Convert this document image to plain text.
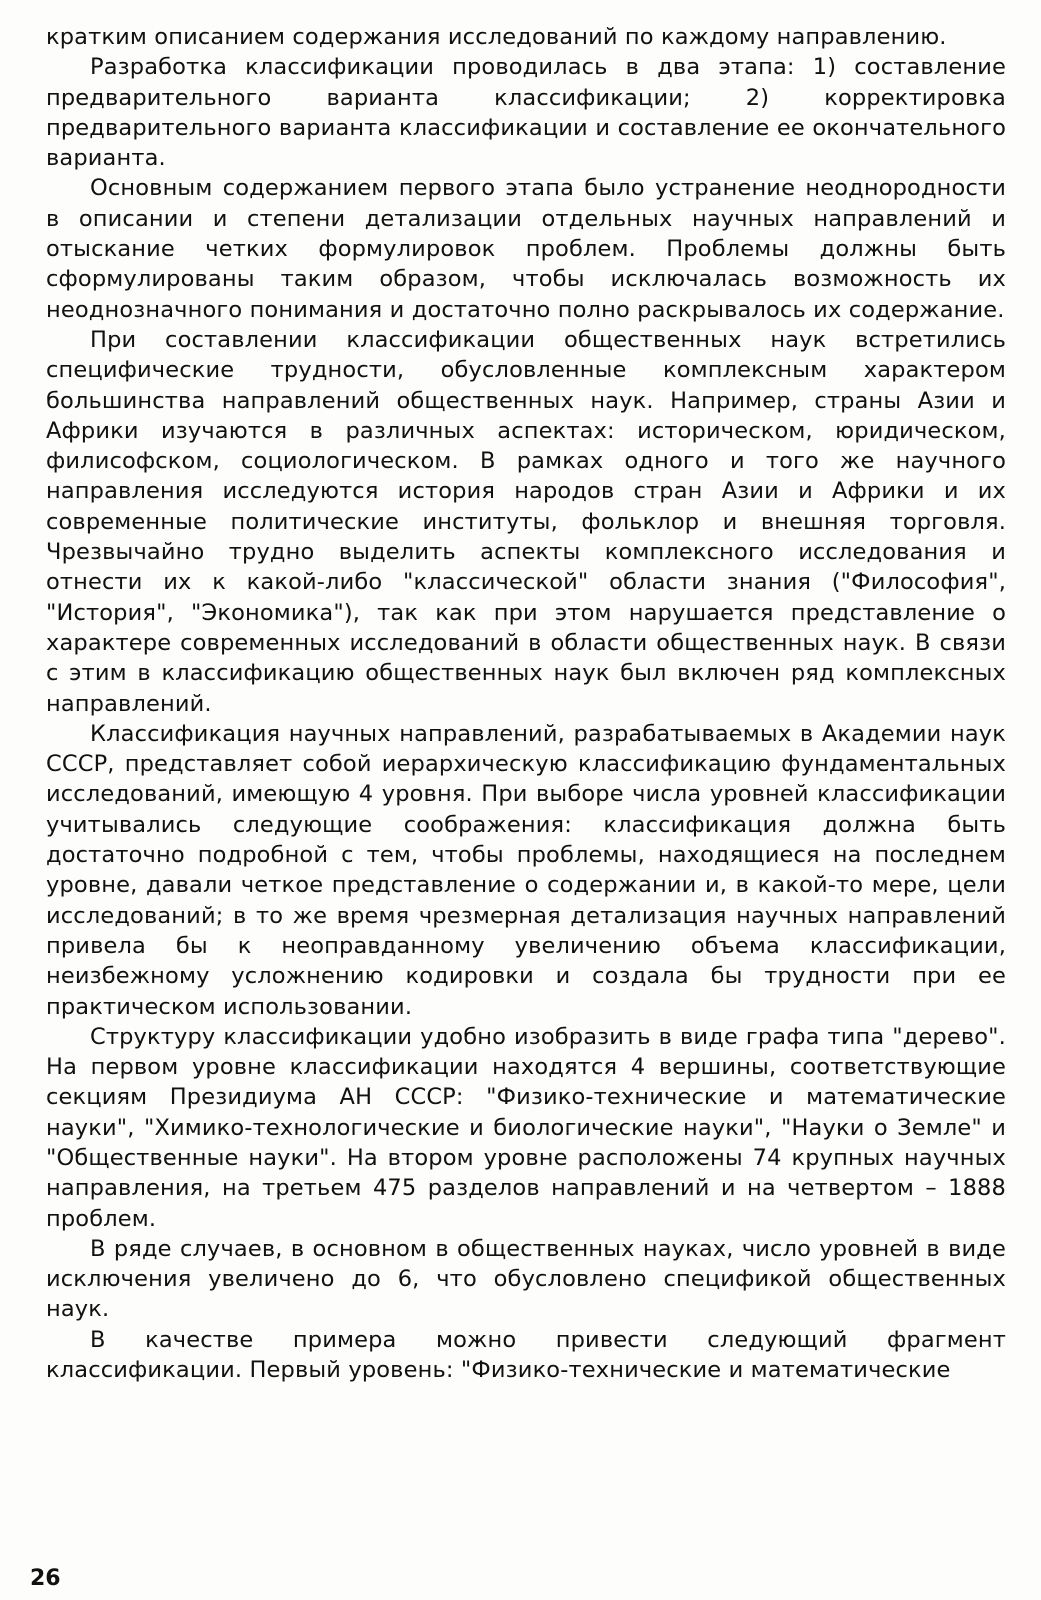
кратким описанием содержания исследований по каждому направлению.

Разработка классификации проводилась в два этапа: 1) составление предварительного варианта классификации; 2) корректировка предварительного варианта классификации и составление ее окончательного варианта.

Основным содержанием первого этапа было устранение неоднородности в описании и степени детализации отдельных научных направлений и отыскание четких формулировок проблем. Проблемы должны быть сформулированы таким образом, чтобы исключалась возможность их неоднозначного понимания и достаточно полно раскрывалось их содержание.

При составлении классификации общественных наук встретились специфические трудности, обусловленные комплексным характером большинства направлений общественных наук. Например, страны Азии и Африки изучаются в различных аспектах: историческом, юридическом, филисофском, социологическом. В рамках одного и того же научного направления исследуются история народов стран Азии и Африки и их современные политические институты, фольклор и внешняя торговля. Чрезвычайно трудно выделить аспекты комплексного исследования и отнести их к какой-либо "классической" области знания ("Философия", "История", "Экономика"), так как при этом нарушается представление о характере современных исследований в области общественных наук. В связи с этим в классификацию общественных наук был включен ряд комплексных направлений.

Классификация научных направлений, разрабатываемых в Академии наук СССР, представляет собой иерархическую классификацию фундаментальных исследований, имеющую 4 уровня. При выборе числа уровней классификации учитывались следующие соображения: классификация должна быть достаточно подробной с тем, чтобы проблемы, находящиеся на последнем уровне, давали четкое представление о содержании и, в какой-то мере, цели исследований; в то же время чрезмерная детализация научных направлений привела бы к неоправданному увеличению объема классификации, неизбежному усложнению кодировки и создала бы трудности при ее практическом использовании.

Структуру классификации удобно изобразить в виде графа типа "дерево". На первом уровне классификации находятся 4 вершины, соответствующие секциям Президиума АН СССР: "Физико-технические и математические науки", "Химико-технологические и биологические науки", "Науки о Земле" и "Общественные науки". На втором уровне расположены 74 крупных научных направления, на третьем 475 разделов направлений и на четвертом – 1888 проблем.

В ряде случаев, в основном в общественных науках, число уровней в виде исключения увеличено до 6, что обусловлено спецификой общественных наук.

В качестве примера можно привести следующий фрагмент классификации. Первый уровень: "Физико-технические и математические

26
